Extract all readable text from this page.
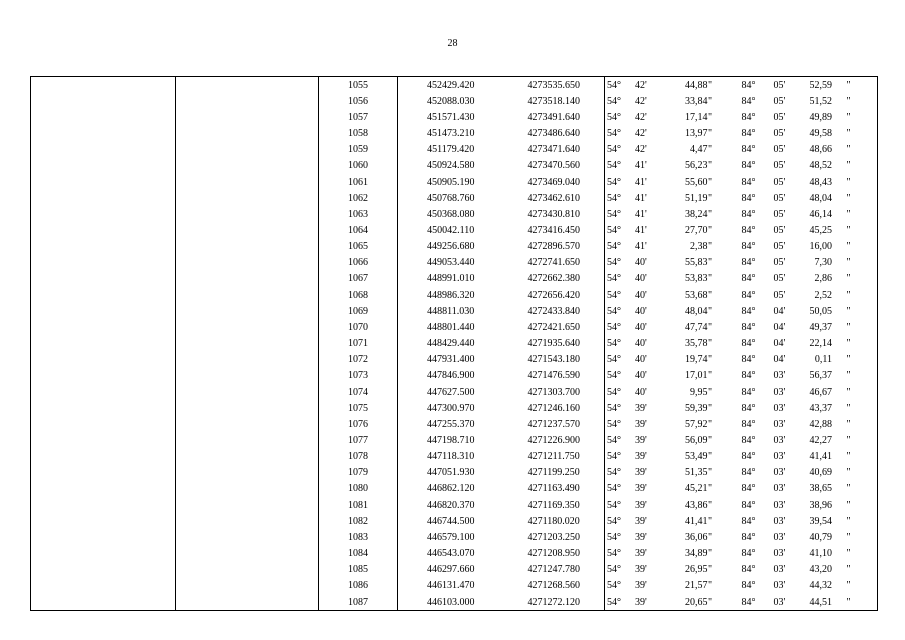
28
		1055	452429.420	4273535.650	54° 42' 44,88 "	84° 05' 52,59 "

		1056	452088.030	4273518.140	54° 42' 33,84 "	84° 05' 51,52 "

		1057	451571.430	4273491.640	54° 42' 17,14 "	84° 05' 49,89 "

		1058	451473.210	4273486.640	54° 42' 13,97 "	84° 05' 49,58 "

		1059	451179.420	4273471.640	54° 42' 4,47 "	84° 05' 48,66 "

		1060	450924.580	4273470.560	54° 41' 56,23 "	84° 05' 48,52 "

		1061	450905.190	4273469.040	54° 41' 55,60 "	84° 05' 48,43 "

		1062	450768.760	4273462.610	54° 41' 51,19 "	84° 05' 48,04 "

		1063	450368.080	4273430.810	54° 41' 38,24 "	84° 05' 46,14 "

		1064	450042.110	4273416.450	54° 41' 27,70 "	84° 05' 45,25 "

		1065	449256.680	4272896.570	54° 41' 2,38 "	84° 05' 16,00 "

		1066	449053.440	4272741.650	54° 40' 55,83 "	84° 05' 7,30 "

		1067	448991.010	4272662.380	54° 40' 53,83 "	84° 05' 2,86 "

		1068	448986.320	4272656.420	54° 40' 53,68 "	84° 05' 2,52 "

		1069	448811.030	4272433.840	54° 40' 48,04 "	84° 04' 50,05 "

		1070	448801.440	4272421.650	54° 40' 47,74 "	84° 04' 49,37 "

		1071	448429.440	4271935.640	54° 40' 35,78 "	84° 04' 22,14 "

		1072	447931.400	4271543.180	54° 40' 19,74 "	84° 04' 0,11 "

		1073	447846.900	4271476.590	54° 40' 17,01 "	84° 03' 56,37 "

		1074	447627.500	4271303.700	54° 40' 9,95 "	84° 03' 46,67 "

		1075	447300.970	4271246.160	54° 39' 59,39 "	84° 03' 43,37 "

		1076	447255.370	4271237.570	54° 39' 57,92 "	84° 03' 42,88 "

		1077	447198.710	4271226.900	54° 39' 56,09 "	84° 03' 42,27 "

		1078	447118.310	4271211.750	54° 39' 53,49 "	84° 03' 41,41 "

		1079	447051.930	4271199.250	54° 39' 51,35 "	84° 03' 40,69 "

		1080	446862.120	4271163.490	54° 39' 45,21 "	84° 03' 38,65 "

		1081	446820.370	4271169.350	54° 39' 43,86 "	84° 03' 38,96 "

		1082	446744.500	4271180.020	54° 39' 41,41 "	84° 03' 39,54 "

		1083	446579.100	4271203.250	54° 39' 36,06 "	84° 03' 40,79 "

		1084	446543.070	4271208.950	54° 39' 34,89 "	84° 03' 41,10 "

		1085	446297.660	4271247.780	54° 39' 26,95 "	84° 03' 43,20 "

		1086	446131.470	4271268.560	54° 39' 21,57 "	84° 03' 44,32 "

		1087	446103.000	4271272.120	54° 39' 20,65 "	84° 03' 44,51 "
